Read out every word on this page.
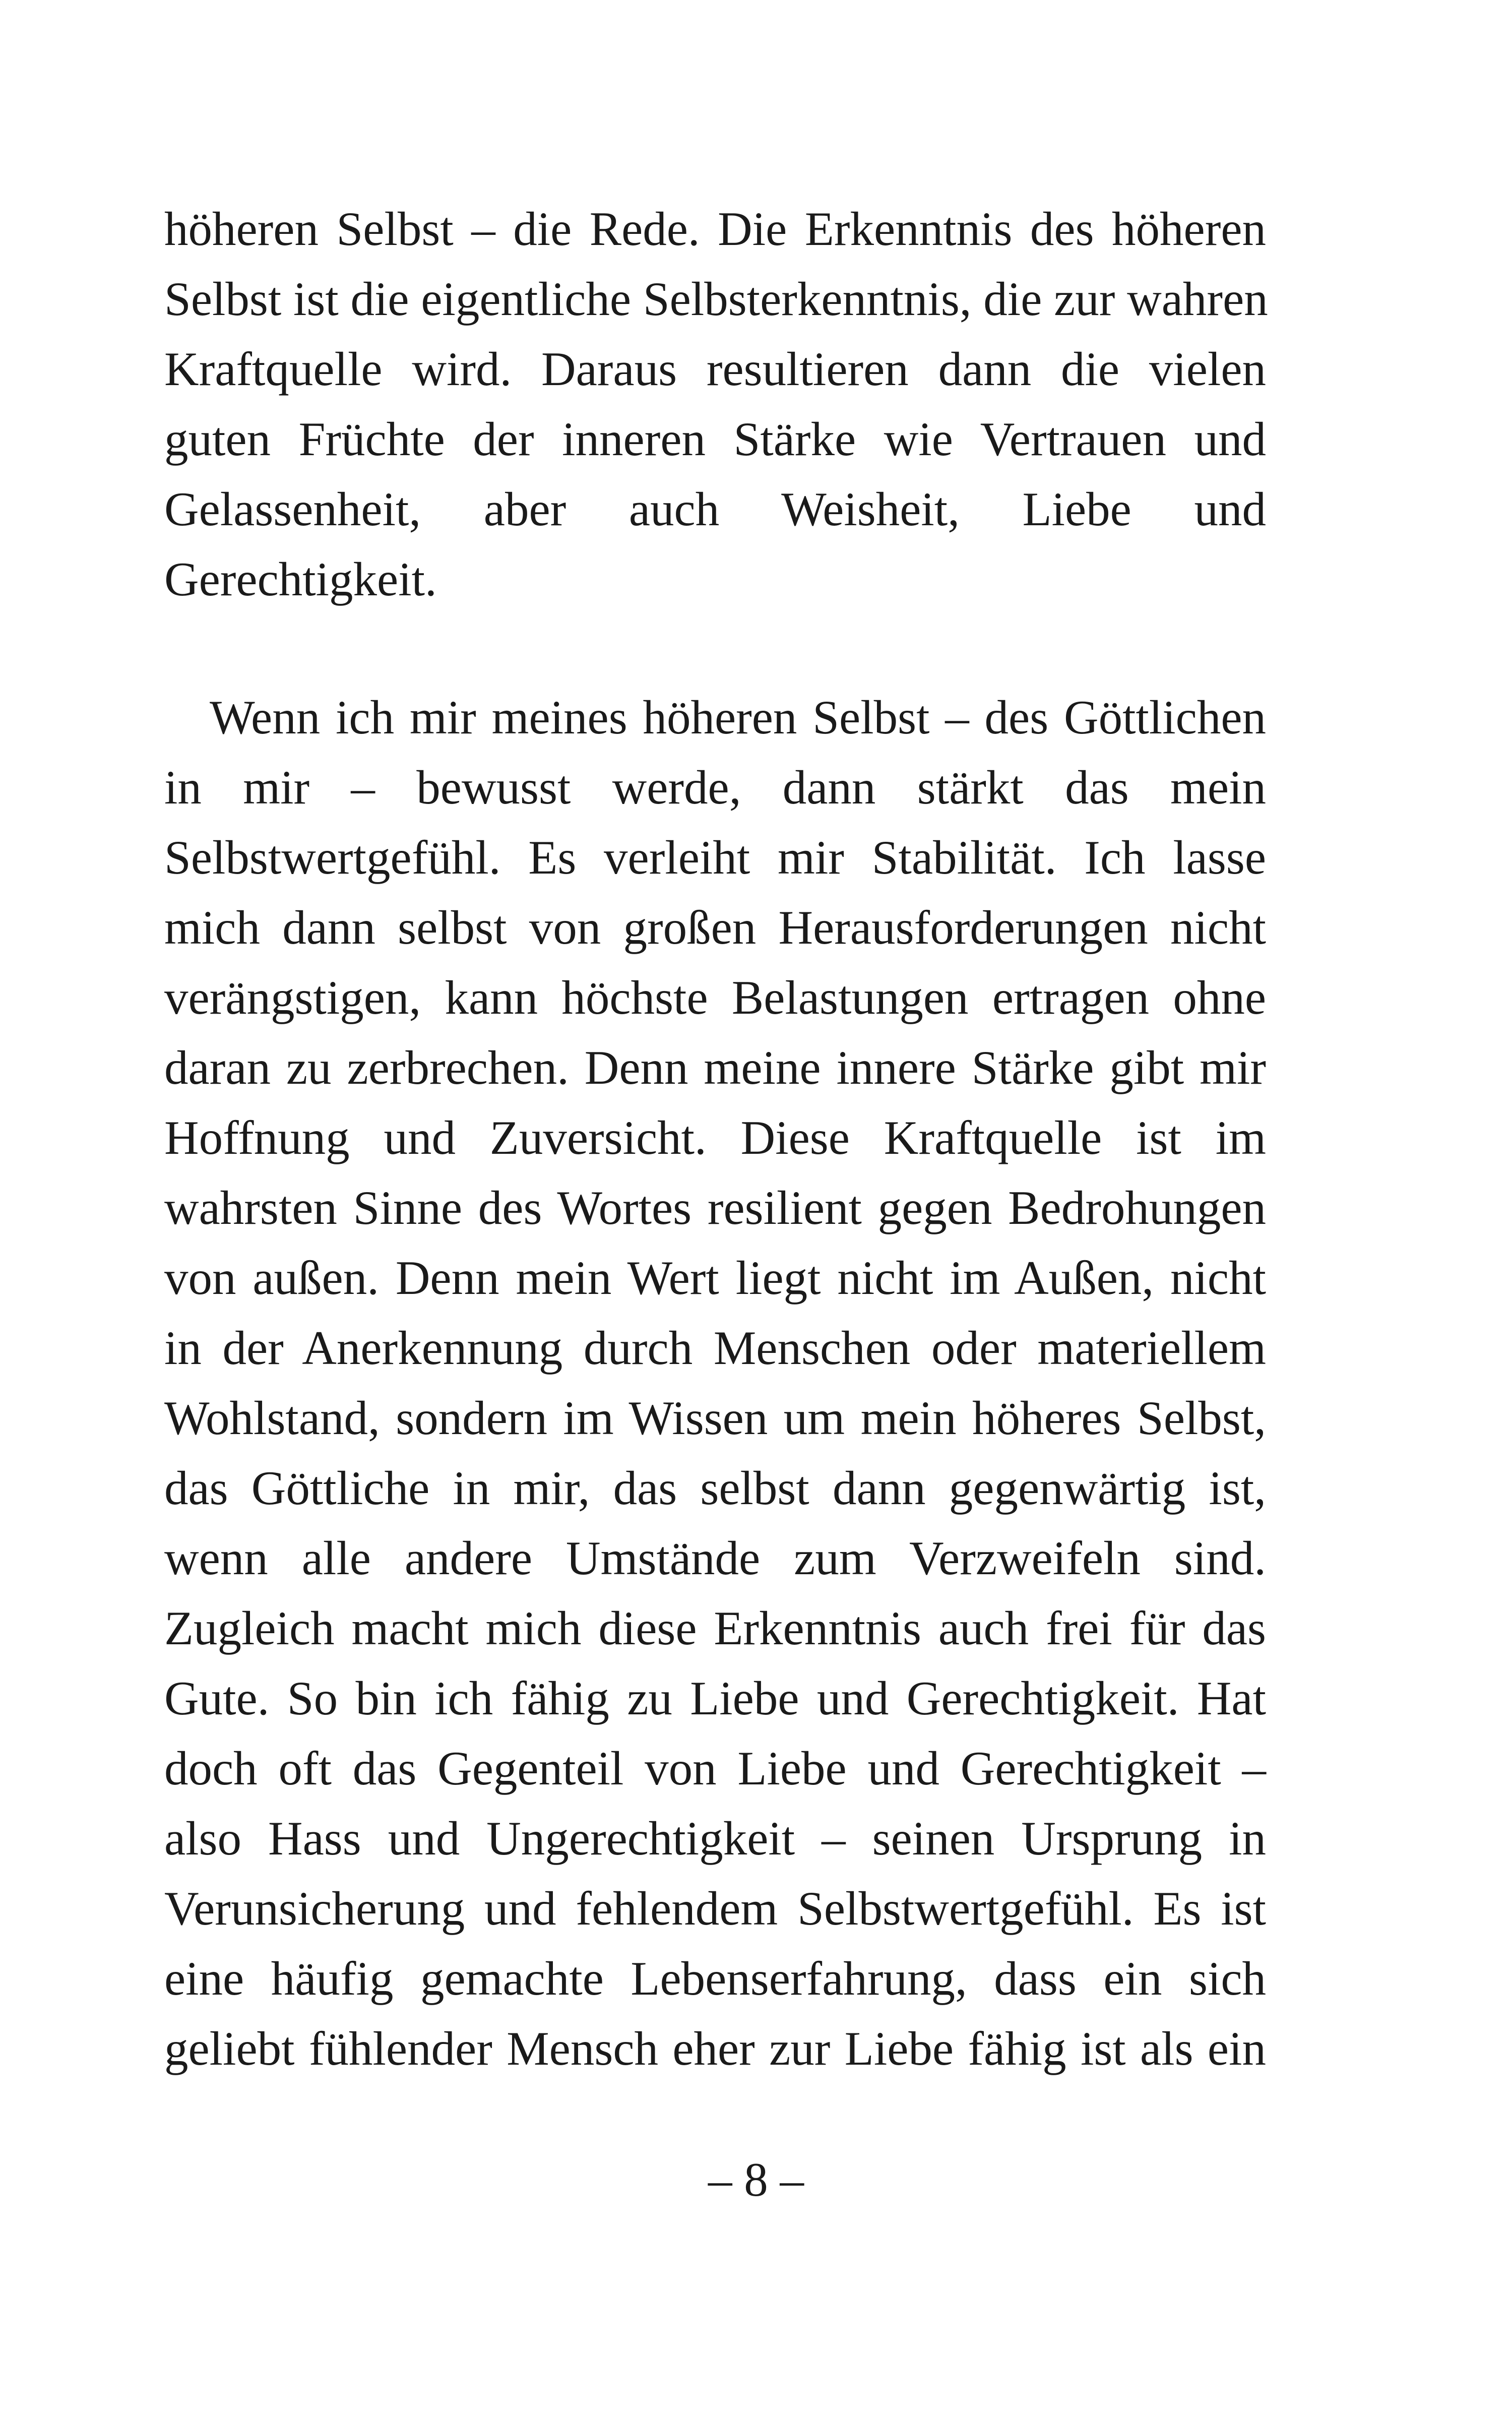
höheren Selbst – die Rede. Die Erkenntnis des höheren
Selbst ist die eigentliche Selbsterkenntnis, die zur wahren
Kraftquelle wird. Daraus resultieren dann die vielen
guten Früchte der inneren Stärke wie Vertrauen und
Gelassenheit, aber auch Weisheit, Liebe und
Gerechtigkeit.
Wenn ich mir meines höheren Selbst – des Göttlichen
in mir – bewusst werde, dann stärkt das mein
Selbstwertgefühl. Es verleiht mir Stabilität. Ich lasse
mich dann selbst von großen Herausforderungen nicht
verängstigen, kann höchste Belastungen ertragen ohne
daran zu zerbrechen. Denn meine innere Stärke gibt mir
Hoffnung und Zuversicht. Diese Kraftquelle ist im
wahrsten Sinne des Wortes resilient gegen Bedrohungen
von außen. Denn mein Wert liegt nicht im Außen, nicht
in der Anerkennung durch Menschen oder materiellem
Wohlstand, sondern im Wissen um mein höheres Selbst,
das Göttliche in mir, das selbst dann gegenwärtig ist,
wenn alle andere Umstände zum Verzweifeln sind.
Zugleich macht mich diese Erkenntnis auch frei für das
Gute. So bin ich fähig zu Liebe und Gerechtigkeit. Hat
doch oft das Gegenteil von Liebe und Gerechtigkeit –
also Hass und Ungerechtigkeit – seinen Ursprung in
Verunsicherung und fehlendem Selbstwertgefühl. Es ist
eine häufig gemachte Lebenserfahrung, dass ein sich
geliebt fühlender Mensch eher zur Liebe fähig ist als ein
– 8 –
